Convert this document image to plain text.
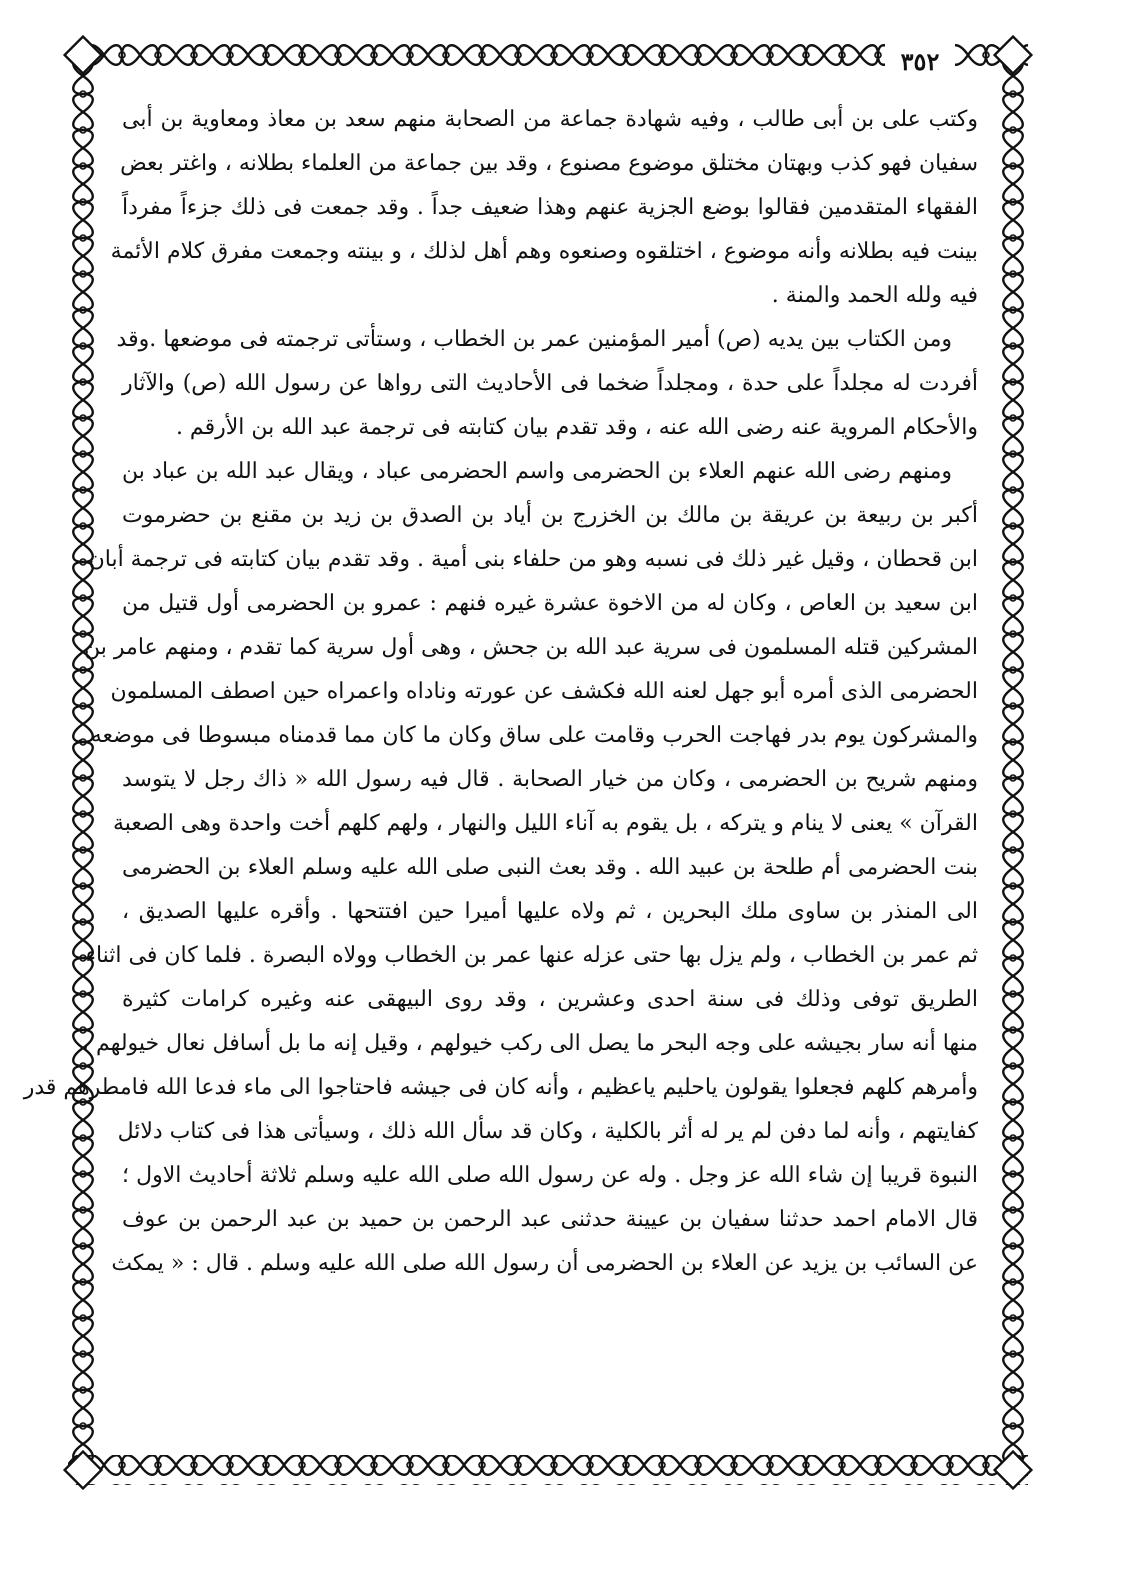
٣٥٢
وكتب على بن أبى طالب ، وفيه شهادة جماعة من الصحابة منهم سعد بن معاذ ومعاوية بن أبى
سفيان فهو كذب وبهتان مختلق موضوع مصنوع ، وقد بين جماعة من العلماء بطلانه ، واغتر بعض
الفقهاء المتقدمين فقالوا بوضع الجزية عنهم وهذا ضعيف جداً . وقد جمعت فى ذلك جزءاً مفرداً
بينت فيه بطلانه وأنه موضوع ، اختلقوه وصنعوه وهم أهل لذلك ، و بينته وجمعت مفرق كلام الأئمة
فيه ولله الحمد والمنة .
ومن الكتاب بين يديه (ص) أمير المؤمنين عمر بن الخطاب ، وستأتى ترجمته فى موضعها .وقد
أفردت له مجلداً على حدة ، ومجلداً ضخما فى الأحاديث التى رواها عن رسول الله (ص) والآثار
والأحكام المروية عنه رضى الله عنه ، وقد تقدم بيان كتابته فى ترجمة عبد الله بن الأرقم .
ومنهم رضى الله عنهم العلاء بن الحضرمى واسم الحضرمى عباد ، ويقال عبد الله بن عباد بن
أكبر بن ربيعة بن عريقة بن مالك بن الخزرج بن أياد بن الصدق بن زيد بن مقنع بن حضرموت
ابن قحطان ، وقيل غير ذلك فى نسبه وهو من حلفاء بنى أمية . وقد تقدم بيان كتابته فى ترجمة أبان
ابن سعيد بن العاص ، وكان له من الاخوة عشرة غيره فنهم : عمرو بن الحضرمى أول قتيل من
المشركين قتله المسلمون فى سرية عبد الله بن جحش ، وهى أول سرية كما تقدم ، ومنهم عامر بن
الحضرمى الذى أمره أبو جهل لعنه الله فكشف عن عورته وناداه واعمراه حين اصطف المسلمون
والمشركون يوم بدر فهاجت الحرب وقامت على ساق وكان ما كان مما قدمناه مبسوطا فى موضعه .
ومنهم شريح بن الحضرمى ، وكان من خيار الصحابة . قال فيه رسول الله « ذاك رجل لا يتوسد
القرآن » يعنى لا ينام و يتركه ، بل يقوم به آناء الليل والنهار ، ولهم كلهم أخت واحدة وهى الصعبة
بنت الحضرمى أم طلحة بن عبيد الله . وقد بعث النبى صلى الله عليه وسلم العلاء بن الحضرمى
الى المنذر بن ساوى ملك البحرين ، ثم ولاه عليها أميرا حين افتتحها . وأقره عليها الصديق ،
ثم عمر بن الخطاب ، ولم يزل بها حتى عزله عنها عمر بن الخطاب وولاه البصرة . فلما كان فى اثناء
الطريق توفى وذلك فى سنة احدى وعشرين ، وقد روى البيهقى عنه وغيره كرامات كثيرة
منها أنه سار بجيشه على وجه البحر ما يصل الى ركب خيولهم ، وقيل إنه ما بل أسافل نعال خيولهم ،
وأمرهم كلهم فجعلوا يقولون ياحليم ياعظيم ، وأنه كان فى جيشه فاحتاجوا الى ماء فدعا الله فامطرهم قدر
كفايتهم ، وأنه لما دفن لم ير له أثر بالكلية ، وكان قد سأل الله ذلك ، وسيأتى هذا فى كتاب دلائل
النبوة قريبا إن شاء الله عز وجل . وله عن رسول الله صلى الله عليه وسلم ثلاثة أحاديث الاول ؛
قال الامام احمد حدثنا سفيان بن عيينة حدثنى عبد الرحمن بن حميد بن عبد الرحمن بن عوف
عن السائب بن يزيد عن العلاء بن الحضرمى أن رسول الله صلى الله عليه وسلم . قال : « يمكث
